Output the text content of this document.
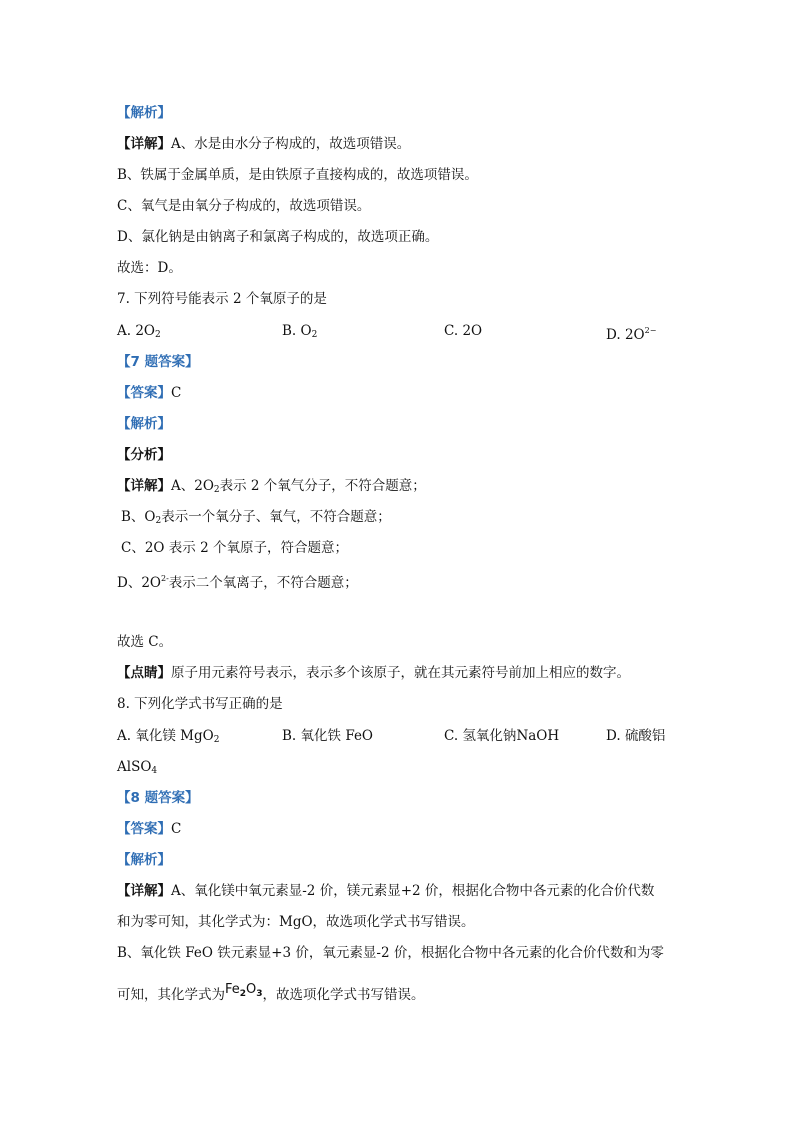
【解析】
【详解】A、水是由水分子构成的，故选项错误。
B、铁属于金属单质，是由铁原子直接构成的，故选项错误。
C、氧气是由氧分子构成的，故选项错误。
D、氯化钠是由钠离子和氯离子构成的，故选项正确。
故选：D。
7. 下列符号能表示 2 个氧原子的是
A. $2O_2$	B. $O_2$	C. 2O	D. $2O^{2-}$
【7 题答案】
【答案】C
【解析】
【分析】
【详解】A、$2O_2$表示 2 个氧气分子，不符合题意；
B、$O_2$表示一个氧分子、氧气，不符合题意；
C、2O 表示 2 个氧原子，符合题意；
D、$2O^{2-}$表示二个氧离子，不符合题意；
故选 C。
【点睛】原子用元素符号表示，表示多个该原子，就在其元素符号前加上相应的数字。
8. 下列化学式书写正确的是
A. 氧化镁 MgO$_2$	B. 氧化铁 FeO	C. 氢氧化钠NaOH	D. 硫酸铝
AlSO$_4$
【8 题答案】
【答案】C
【解析】
【详解】A、氧化镁中氧元素显-2 价，镁元素显+2 价，根据化合物中各元素的化合价代数
和为零可知，其化学式为：MgO，故选项化学式书写错误。
B、氧化铁 FeO 铁元素显+3 价，氧元素显-2 价，根据化合物中各元素的化合价代数和为零
可知，其化学式为$Fe_2O_3$，故选项化学式书写错误。
